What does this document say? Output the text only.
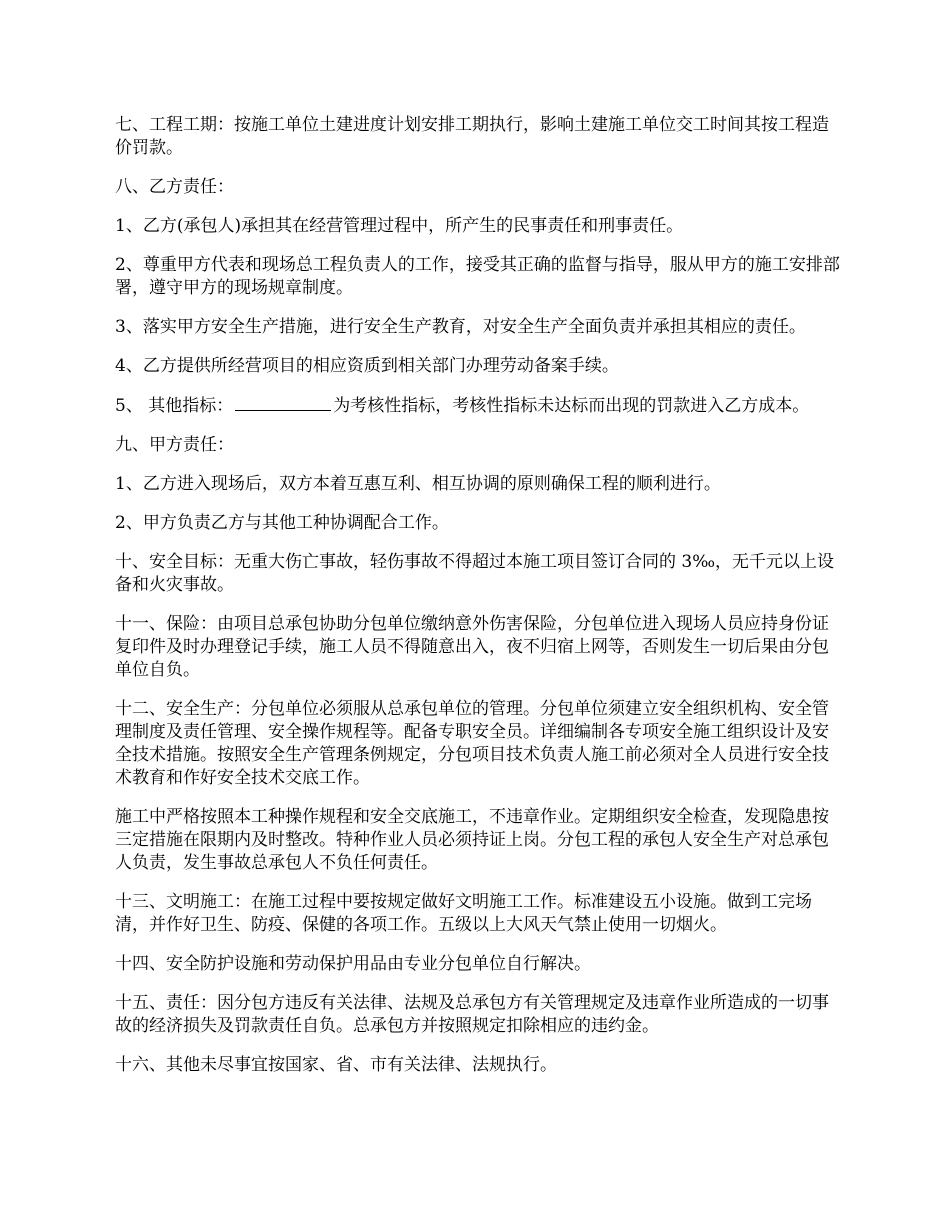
七、工程工期：按施工单位土建进度计划安排工期执行，影响土建施工单位交工时间其按工程造价罚款。

八、乙方责任：

1、乙方(承包人)承担其在经营管理过程中，所产生的民事责任和刑事责任。

2、尊重甲方代表和现场总工程负责人的工作，接受其正确的监督与指导，服从甲方的施工安排部署，遵守甲方的现场规章制度。

3、落实甲方安全生产措施，进行安全生产教育，对安全生产全面负责并承担其相应的责任。

4、乙方提供所经营项目的相应资质到相关部门办理劳动备案手续。

5、 其他指标：	为考核性指标，考核性指标未达标而出现的罚款进入乙方成本。

九、甲方责任：

1、乙方进入现场后，双方本着互惠互利、相互协调的原则确保工程的顺利进行。

2、甲方负责乙方与其他工种协调配合工作。

十、安全目标：无重大伤亡事故，轻伤事故不得超过本施工项目签订合同的 3‰，无千元以上设备和火灾事故。

十一、保险：由项目总承包协助分包单位缴纳意外伤害保险，分包单位进入现场人员应持身份证复印件及时办理登记手续，施工人员不得随意出入，夜不归宿上网等，否则发生一切后果由分包单位自负。

十二、安全生产：分包单位必须服从总承包单位的管理。分包单位须建立安全组织机构、安全管理制度及责任管理、安全操作规程等。配备专职安全员。详细编制各专项安全施工组织设计及安全技术措施。按照安全生产管理条例规定，分包项目技术负责人施工前必须对全人员进行安全技术教育和作好安全技术交底工作。

施工中严格按照本工种操作规程和安全交底施工，不违章作业。定期组织安全检查，发现隐患按三定措施在限期内及时整改。特种作业人员必须持证上岗。分包工程的承包人安全生产对总承包人负责，发生事故总承包人不负任何责任。

十三、文明施工：在施工过程中要按规定做好文明施工工作。标准建设五小设施。做到工完场清，并作好卫生、防疫、保健的各项工作。五级以上大风天气禁止使用一切烟火。

十四、安全防护设施和劳动保护用品由专业分包单位自行解决。

十五、责任：因分包方违反有关法律、法规及总承包方有关管理规定及违章作业所造成的一切事故的经济损失及罚款责任自负。总承包方并按照规定扣除相应的违约金。

十六、其他未尽事宜按国家、省、市有关法律、法规执行。
